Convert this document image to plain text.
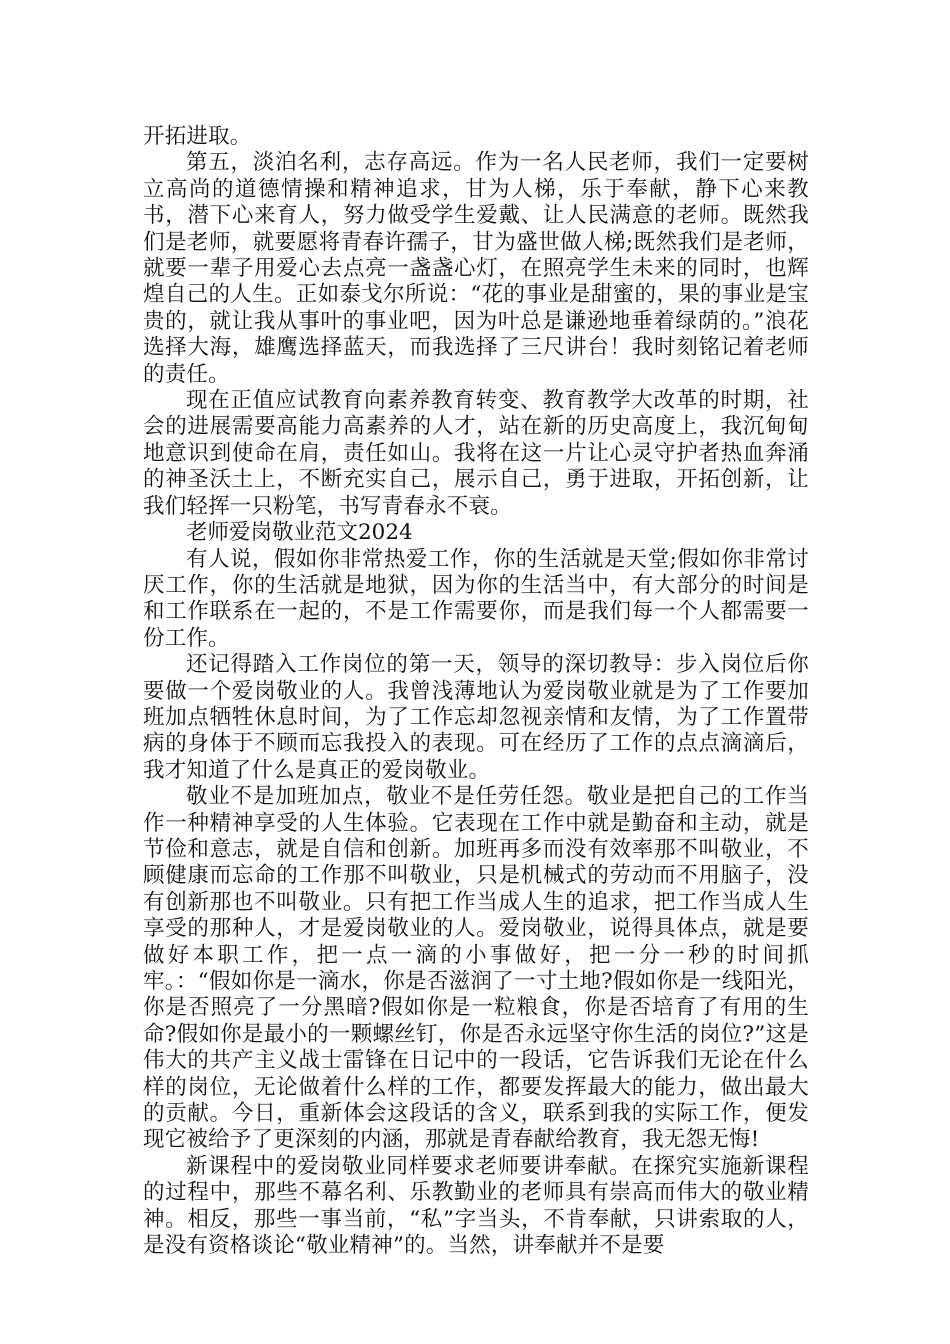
开拓进取。

第五，淡泊名利，志存高远。作为一名人民老师，我们一定要树立高尚的道德情操和精神追求，甘为人梯，乐于奉献，静下心来教书，潜下心来育人，努力做受学生爱戴、让人民满意的老师。既然我们是老师，就要愿将青春许孺子，甘为盛世做人梯;既然我们是老师，就要一辈子用爱心去点亮一盏盏心灯，在照亮学生未来的同时，也辉煌自己的人生。正如泰戈尔所说：“花的事业是甜蜜的，果的事业是宝贵的，就让我从事叶的事业吧，因为叶总是谦逊地垂着绿荫的。”浪花选择大海，雄鹰选择蓝天，而我选择了三尺讲台！我时刻铭记着老师的责任。

现在正值应试教育向素养教育转变、教育教学大改革的时期，社会的进展需要高能力高素养的人才，站在新的历史高度上，我沉甸甸地意识到使命在肩，责任如山。我将在这一片让心灵守护者热血奔涌的神圣沃土上，不断充实自己，展示自己，勇于进取，开拓创新，让我们轻挥一只粉笔，书写青春永不衰。

老师爱岗敬业范文2024

有人说，假如你非常热爱工作，你的生活就是天堂;假如你非常讨厌工作，你的生活就是地狱，因为你的生活当中，有大部分的时间是和工作联系在一起的，不是工作需要你，而是我们每一个人都需要一份工作。

还记得踏入工作岗位的第一天，领导的深切教导：步入岗位后你要做一个爱岗敬业的人。我曾浅薄地认为爱岗敬业就是为了工作要加班加点牺牲休息时间，为了工作忘却忽视亲情和友情，为了工作置带病的身体于不顾而忘我投入的表现。可在经历了工作的点点滴滴后，我才知道了什么是真正的爱岗敬业。

敬业不是加班加点，敬业不是任劳任怨。敬业是把自己的工作当作一种精神享受的人生体验。它表现在工作中就是勤奋和主动，就是节俭和意志，就是自信和创新。加班再多而没有效率那不叫敬业，不顾健康而忘命的工作那不叫敬业，只是机械式的劳动而不用脑子，没有创新那也不叫敬业。只有把工作当成人生的追求，把工作当成人生享受的那种人，才是爱岗敬业的人。爱岗敬业，说得具体点，就是要做好本职工作，把一点一滴的小事做好，把一分一秒的时间抓牢。：“假如你是一滴水，你是否滋润了一寸土地?假如你是一线阳光，你是否照亮了一分黑暗?假如你是一粒粮食，你是否培育了有用的生命?假如你是最小的一颗螺丝钉，你是否永远坚守你生活的岗位?”这是伟大的共产主义战士雷锋在日记中的一段话，它告诉我们无论在什么样的岗位，无论做着什么样的工作，都要发挥最大的能力，做出最大的贡献。今日，重新体会这段话的含义，联系到我的实际工作，便发现它被给予了更深刻的内涵，那就是青春献给教育，我无怨无悔!

新课程中的爱岗敬业同样要求老师要讲奉献。在探究实施新课程的过程中，那些不幕名利、乐教勤业的老师具有崇高而伟大的敬业精神。相反，那些一事当前，“私”字当头，不肯奉献，只讲索取的人，是没有资格谈论“敬业精神”的。当然，讲奉献并不是要
